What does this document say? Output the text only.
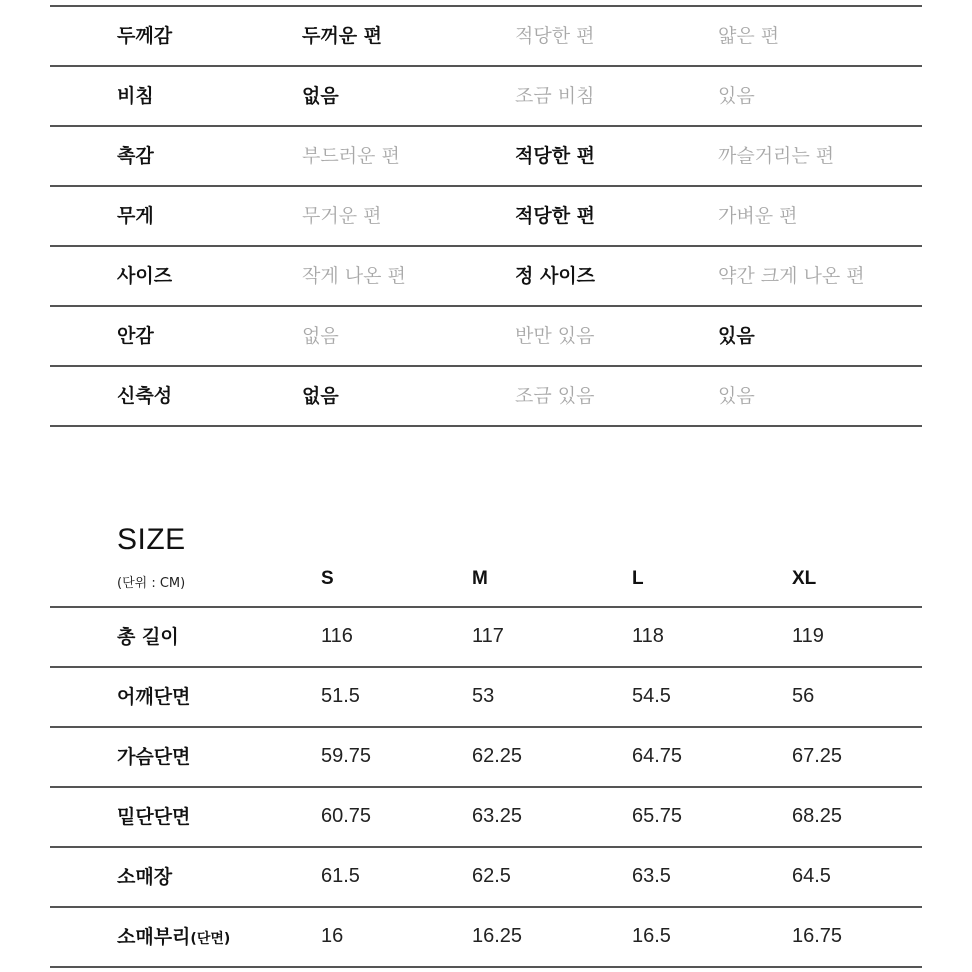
두께감	두꺼운 편	적당한 편	얇은 편
비침	없음	조금 비침	있음
촉감	부드러운 편	적당한 편	까슬거리는 편
무게	무거운 편	적당한 편	가벼운 편
사이즈	작게 나온 편	정 사이즈	약간 크게 나온 편
안감	없음	반만 있음	있음
신축성	없음	조금 있음	있음
SIZE
(단위 : CM)	S	M	L	XL
총 길이	116	117	118	119
어깨단면	51.5	53	54.5	56
가슴단면	59.75	62.25	64.75	67.25
밑단단면	60.75	63.25	65.75	68.25
소매장	61.5	62.5	63.5	64.5
소매부리(단면)	16	16.25	16.5	16.75
